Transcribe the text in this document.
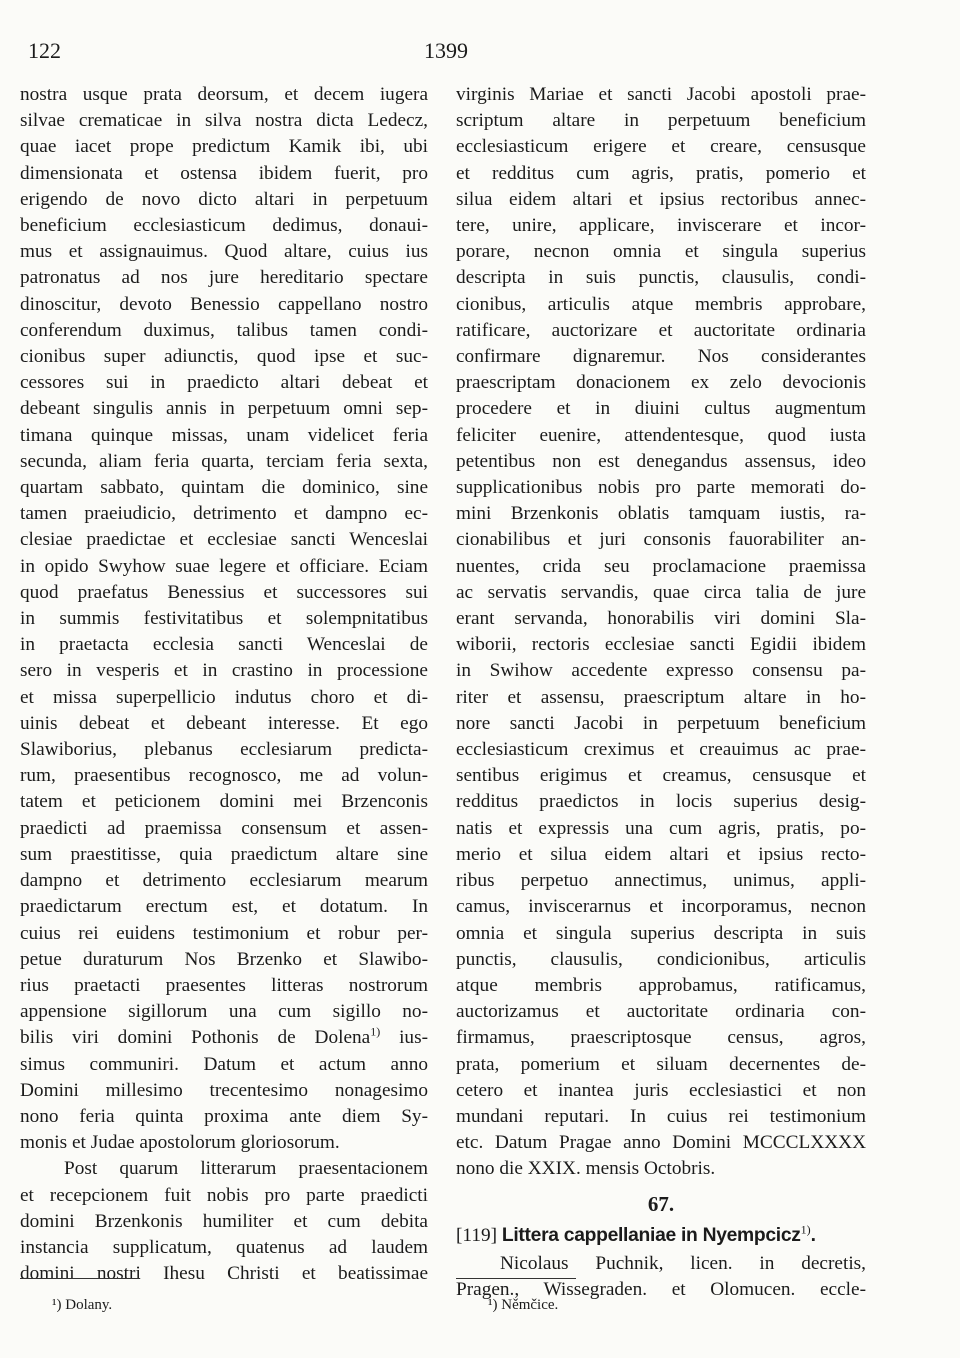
122	1399
nostra usque prata deorsum, et decem iugera
silvae crematicae in silva nostra dicta Ledecz,
quae iacet prope predictum Kamik ibi, ubi
dimensionata et ostensa ibidem fuerit, pro
erigendo de novo dicto altari in perpetuum
beneficium ecclesiasticum dedimus, donaui-
mus et assignauimus. Quod altare, cuius ius
patronatus ad nos jure hereditario spectare
dinoscitur, devoto Benessio cappellano nostro
conferendum duximus, talibus tamen condi-
cionibus super adiunctis, quod ipse et suc-
cessores sui in praedicto altari debeat et
debeant singulis annis in perpetuum omni sep-
timana quinque missas, unam videlicet feria
secunda, aliam feria quarta, terciam feria sexta,
quartam sabbato, quintam die dominico, sine
tamen praeiudicio, detrimento et dampno ec-
clesiae praedictae et ecclesiae sancti Wenceslai
in opido Swyhow suae legere et officiare. Eciam
quod praefatus Benessius et successores sui
in summis festivitatibus et solempnitatibus
in praetacta ecclesia sancti Wenceslai de
sero in vesperis et in crastino in processione
et missa superpellicio indutus choro et di-
uinis debeat et debeant interesse. Et ego
Slawiborius, plebanus ecclesiarum predicta-
rum, praesentibus recognosco, me ad volun-
tatem et peticionem domini mei Brzenconis
praedicti ad praemissa consensum et assen-
sum praestitisse, quia praedictum altare sine
dampno et detrimento ecclesiarum mearum
praedictarum erectum est, et dotatum. In
cuius rei euidens testimonium et robur per-
petue duraturum Nos Brzenko et Slawibo-
rius praetacti praesentes litteras nostrorum
appensione sigillorum una cum sigillo no-
bilis viri domini Pothonis de Dolena$^{1)}$ ius-
simus communiri. Datum et actum anno
Domini millesimo trecentesimo nonagesimo
nono feria quinta proxima ante diem Sy-
monis et Judae apostolorum gloriosorum.
Post quarum litterarum praesentacionem
et recepcionem fuit nobis pro parte praedicti
domini Brzenkonis humiliter et cum debita
instancia supplicatum, quatenus ad laudem
domini nostri Ihesu Christi et beatissimae
virginis Mariae et sancti Jacobi apostoli prae-
scriptum altare in perpetuum beneficium
ecclesiasticum erigere et creare, censusque
et redditus cum agris, pratis, pomerio et
silua eidem altari et ipsius rectoribus annec-
tere, unire, applicare, inviscerare et incor-
porare, necnon omnia et singula superius
descripta in suis punctis, clausulis, condi-
cionibus, articulis atque membris approbare,
ratificare, auctorizare et auctoritate ordinaria
confirmare dignaremur. Nos considerantes
praescriptam donacionem ex zelo devocionis
procedere et in diuini cultus augmentum
feliciter euenire, attendentesque, quod iusta
petentibus non est denegandus assensus, ideo
supplicationibus nobis pro parte memorati do-
mini Brzenkonis oblatis tamquam iustis, ra-
cionabilibus et juri consonis fauorabiliter an-
nuentes, crida seu proclamacione praemissa
ac servatis servandis, quae circa talia de jure
erant servanda, honorabilis viri domini Sla-
wiborii, rectoris ecclesiae sancti Egidii ibidem
in Swihow accedente expresso consensu pa-
riter et assensu, praescriptum altare in ho-
nore sancti Jacobi in perpetuum beneficium
ecclesiasticum creximus et creauimus ac prae-
sentibus erigimus et creamus, censusque et
redditus praedictos in locis superius desig-
natis et expressis una cum agris, pratis, po-
merio et silua eidem altari et ipsius recto-
ribus perpetuo annectimus, unimus, appli-
camus, inviscerarnus et incorporamus, necnon
omnia et singula superius descripta in suis
punctis, clausulis, condicionibus, articulis
atque membris approbamus, ratificamus,
auctorizamus et auctoritate ordinaria con-
firmamus, praescriptosque census, agros,
prata, pomerium et siluam decernentes de-
cetero et inantea juris ecclesiastici et non
mundani reputari. In cuius rei testimonium
etc. Datum Pragae anno Domini MCCCLXXXX
nono die XXIX. mensis Octobris.
67.
[119] Littera cappellaniae in Nyempcicz$^{1)}$.
Nicolaus Puchnik, licen. in decretis,
Pragen., Wissegraden. et Olomucen. eccle-
¹) Dolany.	¹) Němčice.
